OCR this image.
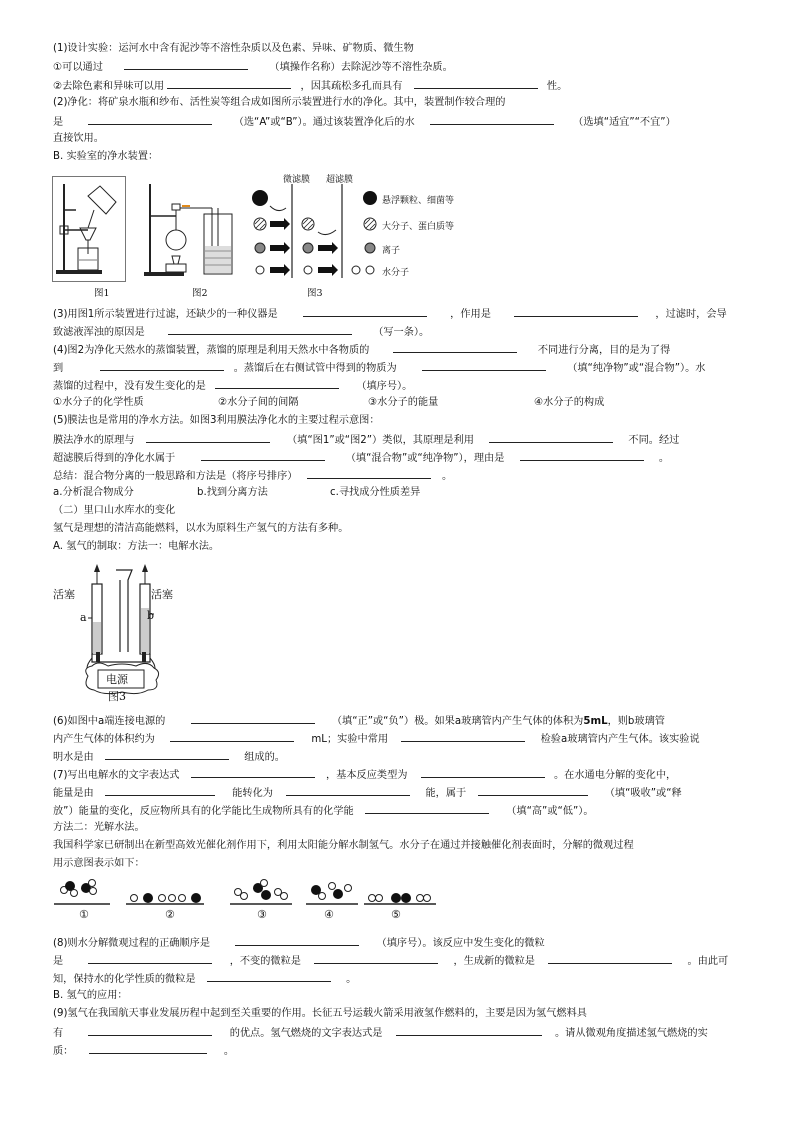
(1)设计实验：运河水中含有泥沙等不溶性杂质以及色素、异味、矿物质、微生物
①可以通过	（填操作名称）去除泥沙等不溶性杂质。
②去除色素和异味可以用	，因其疏松多孔而具有	性。
(2)净化：将矿泉水瓶和纱布、活性炭等组合成如图所示装置进行水的净化。其中，装置制作较合理的
是	（选“A”或“B”）。通过该装置净化后的水	（选填“适宜”“不宜”）
直接饮用。
B. 实验室的净水装置：
图1	图2
微滤膜 超滤膜
悬浮颗粒、细菌等
大分子、蛋白质等
离子
水分子
图3
(3)用图1所示装置进行过滤，还缺少的一种仪器是	，作用是	，过滤时，会导
致滤液浑浊的原因是	（写一条）。
(4)图2为净化天然水的蒸馏装置，蒸馏的原理是利用天然水中各物质的	不同进行分离，目的是为了得
到	。蒸馏后在右侧试管中得到的物质为	（填“纯净物”或“混合物”）。水
蒸馏的过程中，没有发生变化的是	（填序号）。
①水分子的化学性质	②水分子间的间隔	③水分子的能量	④水分子的构成
(5)膜法也是常用的净水方法。如图3利用膜法净化水的主要过程示意图：
膜法净水的原理与	（填“图1”或“图2”）类似，其原理是利用	不同。经过
超滤膜后得到的净化水属于	（填“混合物”或“纯净物”），理由是	。
总结：混合物分离的一般思路和方法是（将序号排序）	。
a.分析混合物成分	b.找到分离方法	c.寻找成分性质差异
（二）里口山水库水的变化
氢气是理想的清洁高能燃料，以水为原料生产氢气的方法有多种。
A. 氢气的制取：方法一：电解水法。
活塞	活塞
a	b
电源
图3
(6)如图中a端连接电源的	（填“正”或“负”）极。如果a玻璃管内产生气体的体积为5mL，则b玻璃管
内产生气体的体积约为	mL；实验中常用	检验a玻璃管内产生气体。该实验说
明水是由	组成的。
(7)写出电解水的文字表达式	，基本反应类型为	。在水通电分解的变化中，
能量是由	能转化为	能，属于	（填“吸收”或“释
放”）能量的变化，反应物所具有的化学能比生成物所具有的化学能	（填“高”或“低”）。
方法二：光解水法。
我国科学家已研制出在新型高效光催化剂作用下，利用太阳能分解水制氢气。水分子在通过并接触催化剂表面时，分解的微观过程
用示意图表示如下：
①	②	③	④	⑤
(8)则水分解微观过程的正确顺序是	（填序号）。该反应中发生变化的微粒
是	，不变的微粒是	，生成新的微粒是	。由此可
知，保持水的化学性质的微粒是	。
B. 氢气的应用：
(9)氢气在我国航天事业发展历程中起到至关重要的作用。长征五号运载火箭采用液氢作燃料的，主要是因为氢气燃料具
有	的优点。氢气燃烧的文字表达式是	。请从微观角度描述氢气燃烧的实
质：	。
